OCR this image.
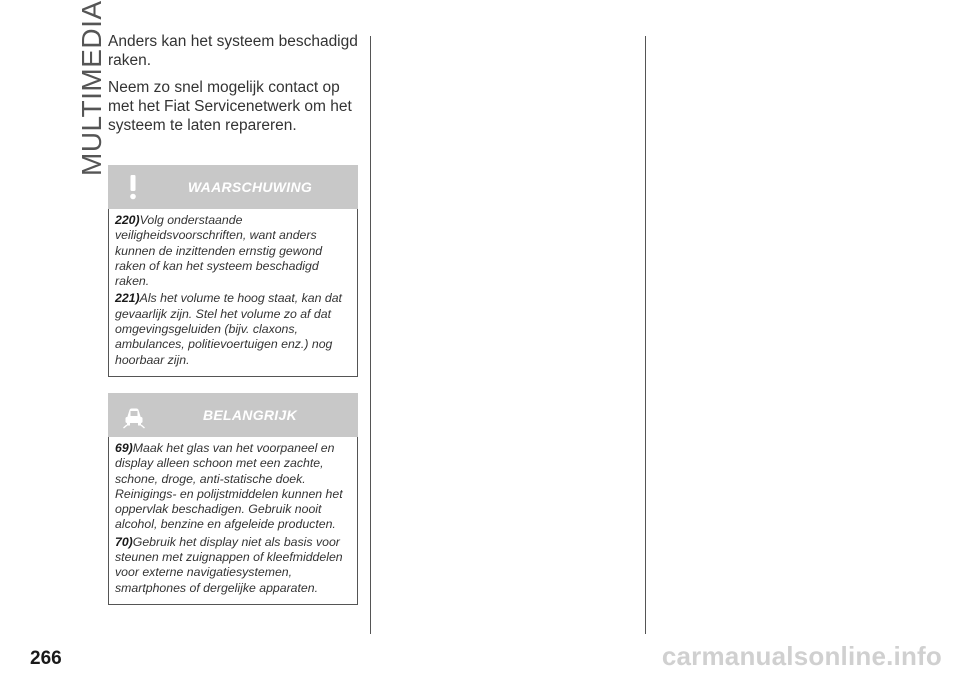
MULTIMEDIA Anders kan het systeem beschadigd raken.

Neem zo snel mogelijk contact op met het Fiat Servicenetwerk om het systeem te laten repareren.

WAARSCHUWING

220)Volg onderstaande veiligheidsvoorschriften, want anders kunnen de inzittenden ernstig gewond raken of kan het systeem beschadigd raken.

221)Als het volume te hoog staat, kan dat gevaarlijk zijn. Stel het volume zo af dat omgevingsgeluiden (bijv. claxons, ambulances, politievoertuigen enz.) nog hoorbaar zijn.

BELANGRIJK

69)Maak het glas van het voorpaneel en display alleen schoon met een zachte, schone, droge, anti-statische doek. Reinigings- en polijstmiddelen kunnen het oppervlak beschadigen. Gebruik nooit alcohol, benzine en afgeleide producten.

70)Gebruik het display niet als basis voor steunen met zuignappen of kleefmiddelen voor externe navigatiesystemen, smartphones of dergelijke apparaten.

266	carmanualsonline.info
